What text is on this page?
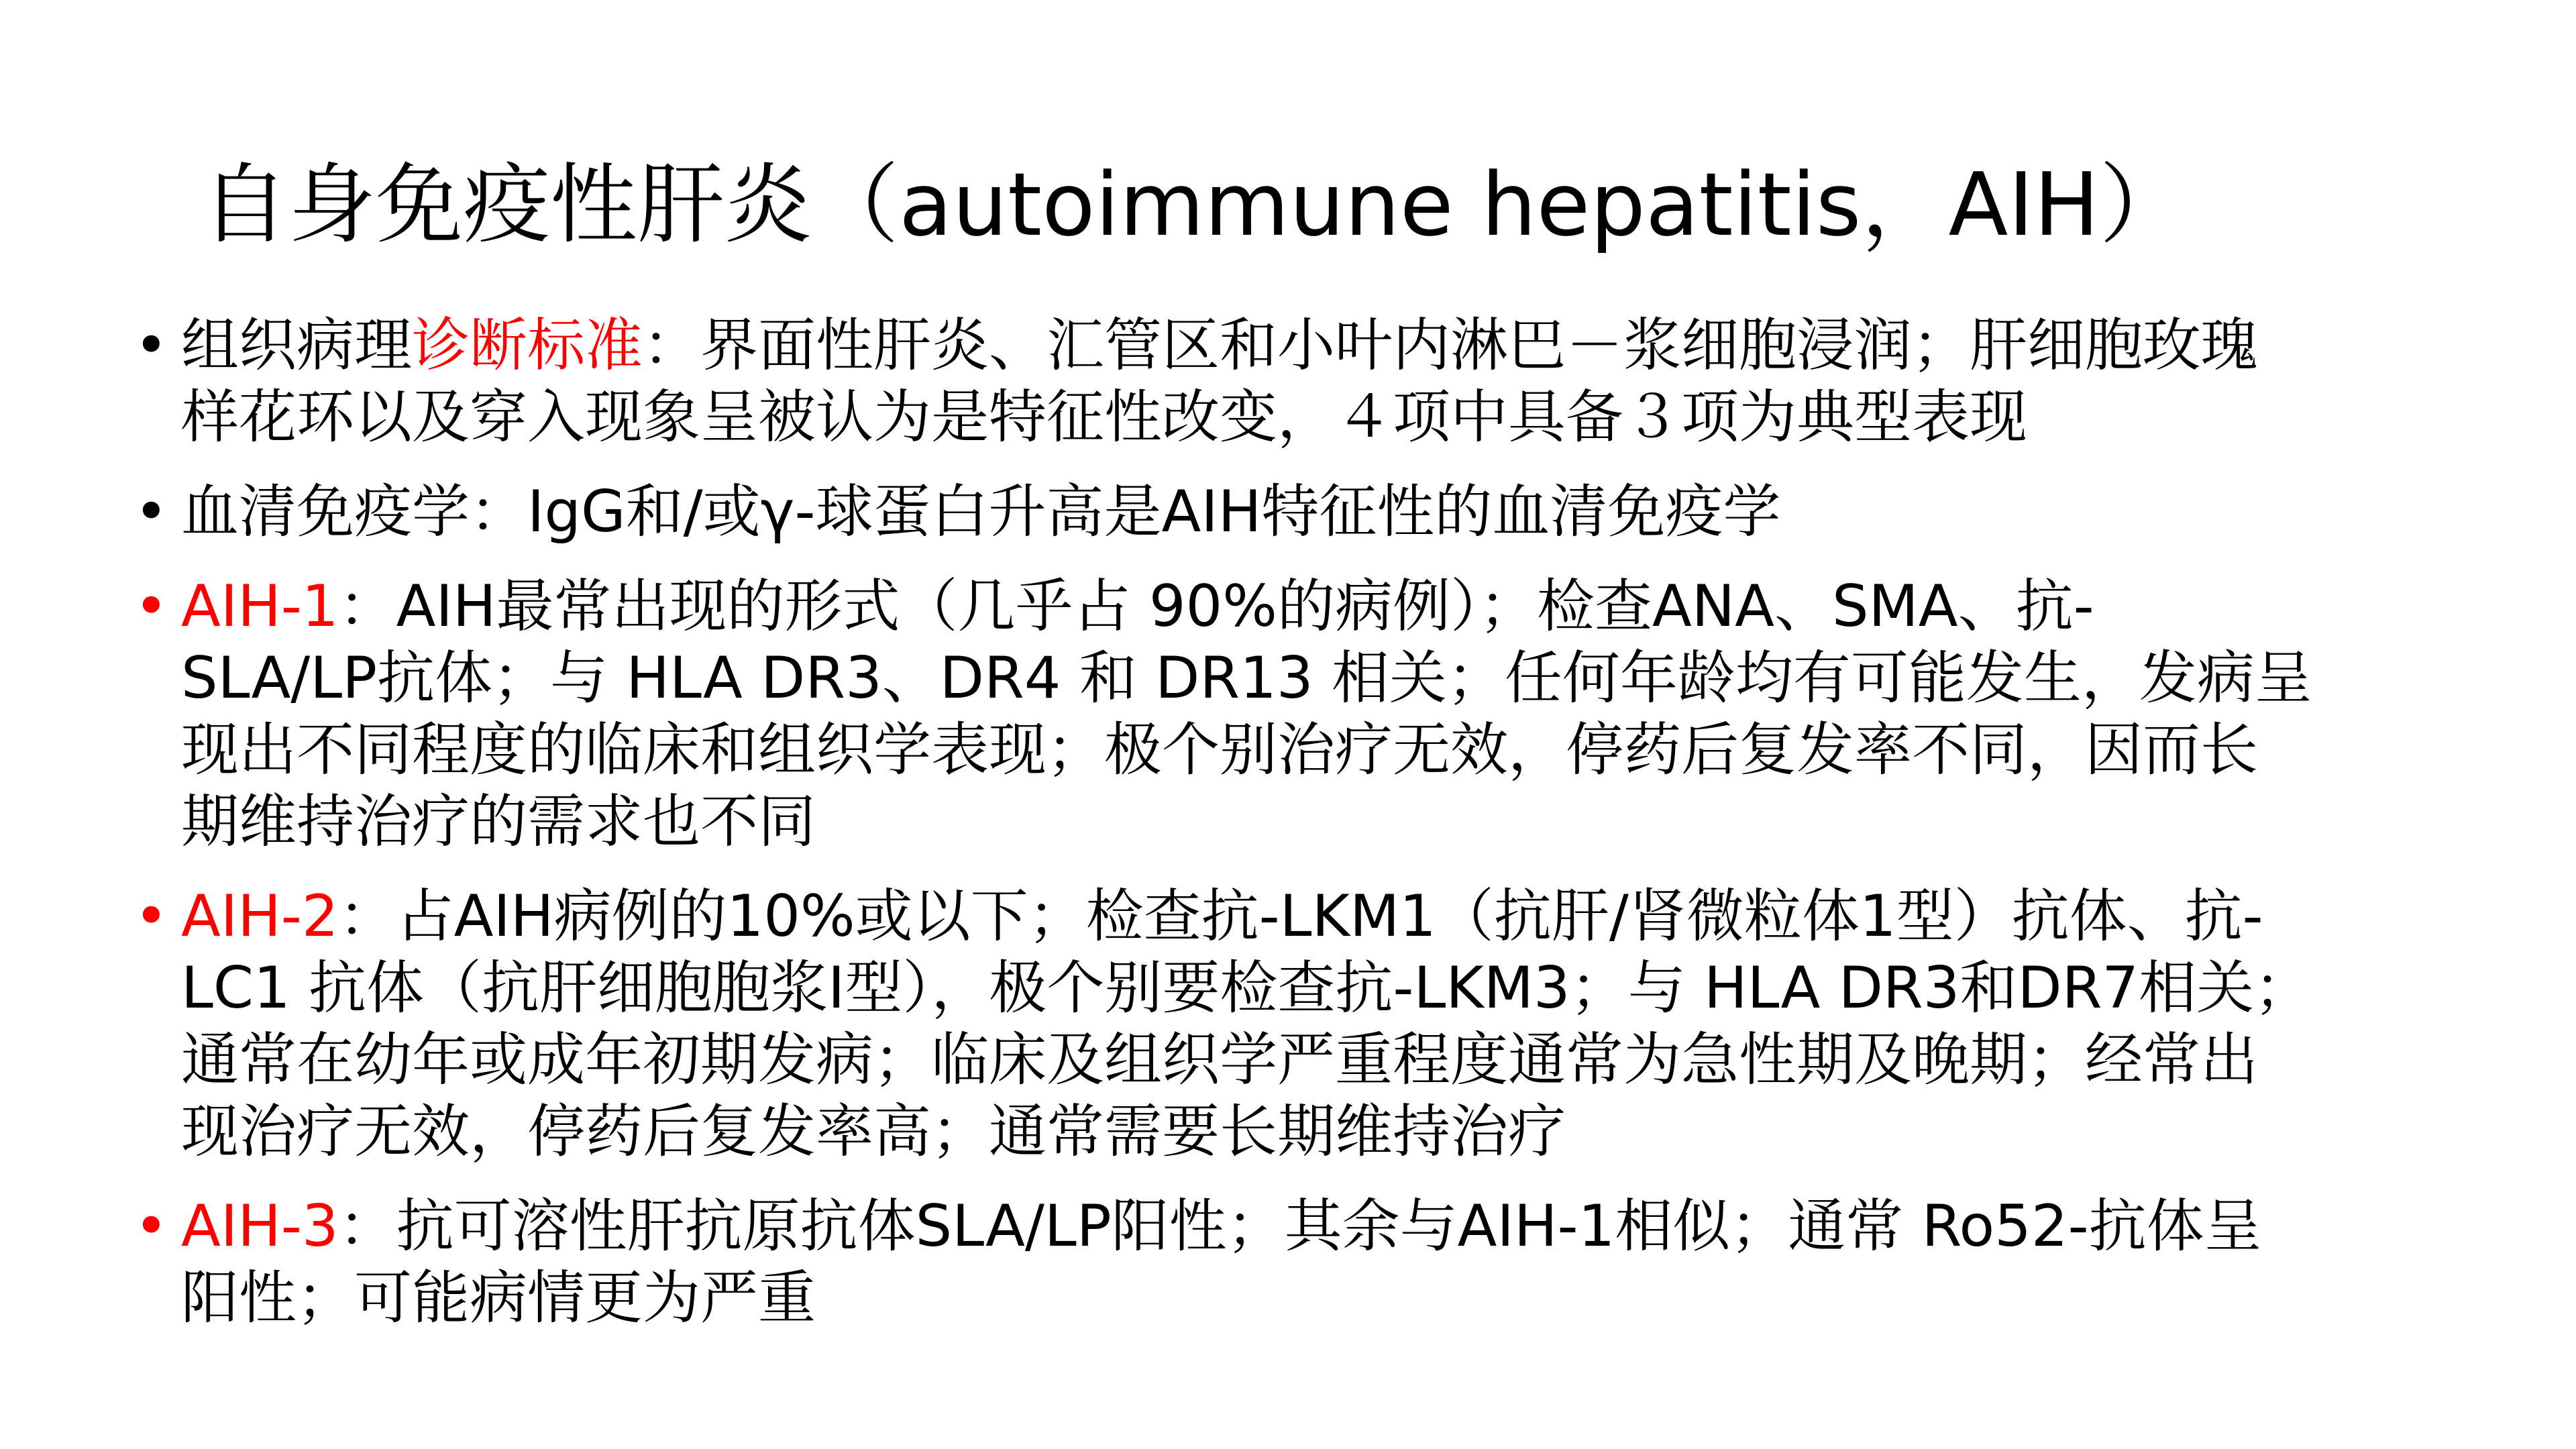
自身免疫性肝炎（autoimmune hepatitis，AIH）
• 组织病理诊断标准：界面性肝炎、汇管区和小叶内淋巴－浆细胞浸润；肝细胞玫瑰
样花环以及穿入现象呈被认为是特征性改变，４项中具备３项为典型表现
• 血清免疫学：IgG和/或γ-球蛋白升高是AIH特征性的血清免疫学
• AIH-1：AIH最常出现的形式（几乎占 90%的病例）；检查ANA、SMA、抗-
SLA/LP抗体；与 HLA DR3、DR4 和 DR13 相关；任何年龄均有可能发生，发病呈
现出不同程度的临床和组织学表现；极个别治疗无效，停药后复发率不同，因而长
期维持治疗的需求也不同
• AIH-2：占AIH病例的10%或以下；检查抗-LKM1（抗肝/肾微粒体1型）抗体、抗-
LC1 抗体（抗肝细胞胞浆Ⅰ型），极个别要检查抗-LKM3；与 HLA DR3和DR7相关；
通常在幼年或成年初期发病；临床及组织学严重程度通常为急性期及晚期；经常出
现治疗无效，停药后复发率高；通常需要长期维持治疗
• AIH-3：抗可溶性肝抗原抗体SLA/LP阳性；其余与AIH-1相似；通常 Ro52-抗体呈
阳性；可能病情更为严重
